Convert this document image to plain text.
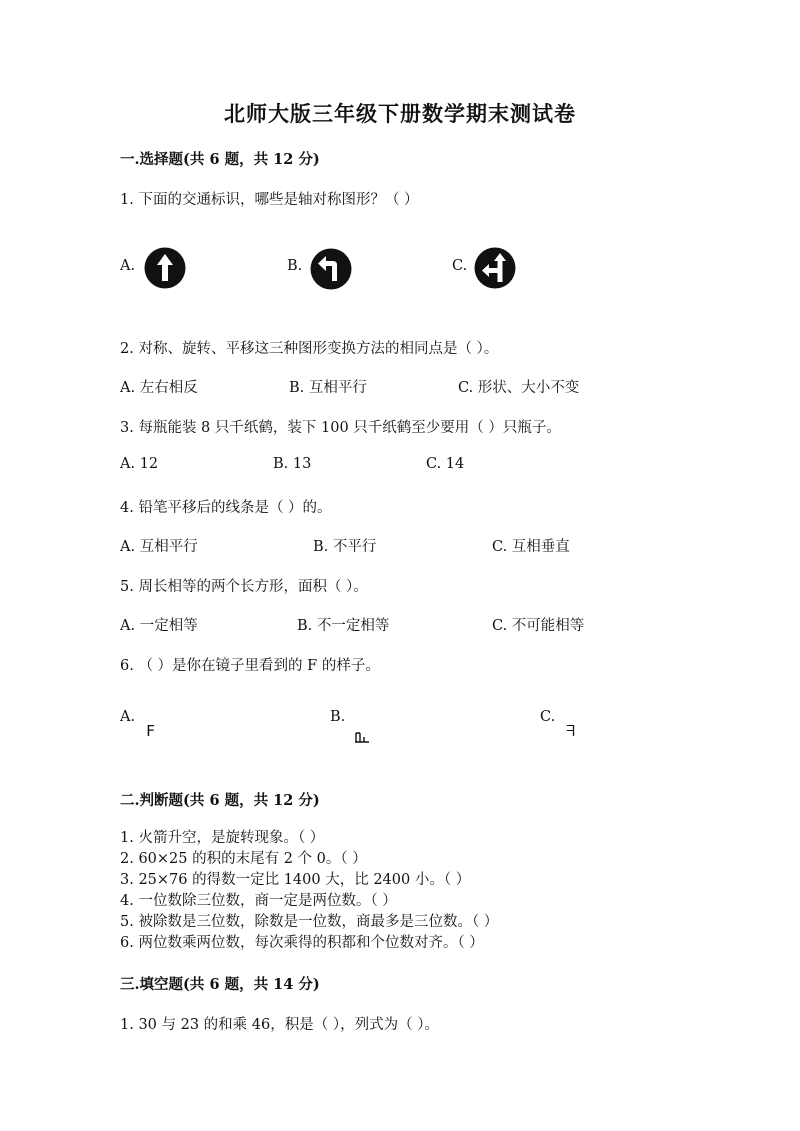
北师大版三年级下册数学期末测试卷
一.选择题(共 6 题，共 12 分)
1. 下面的交通标识，哪些是轴对称图形？（ ）
A.	B.	C.
2. 对称、旋转、平移这三种图形变换方法的相同点是（ ）。
A. 左右相反	B. 互相平行	C. 形状、大小不变
3. 每瓶能装 8 只千纸鹤，装下 100 只千纸鹤至少要用（ ）只瓶子。
A. 12	B. 13	C. 14
4. 铅笔平移后的线条是（ ）的。
A. 互相平行	B. 不平行	C. 互相垂直
5. 周长相等的两个长方形，面积（ ）。
A. 一定相等	B. 不一定相等	C. 不可能相等
6. （ ）是你在镜子里看到的 F 的样子。
A.
F
B.	C.
ᖷ
二.判断题(共 6 题，共 12 分)
1. 火箭升空，是旋转现象。（ ）
2. 60×25 的积的末尾有 2 个 0。（ ）
3. 25×76 的得数一定比 1400 大，比 2400 小。（ ）
4. 一位数除三位数，商一定是两位数。（ ）
5. 被除数是三位数，除数是一位数，商最多是三位数。（ ）
6. 两位数乘两位数，每次乘得的积都和个位数对齐。（ ）
三.填空题(共 6 题，共 14 分)
1. 30 与 23 的和乘 46，积是（ ），列式为（ ）。
